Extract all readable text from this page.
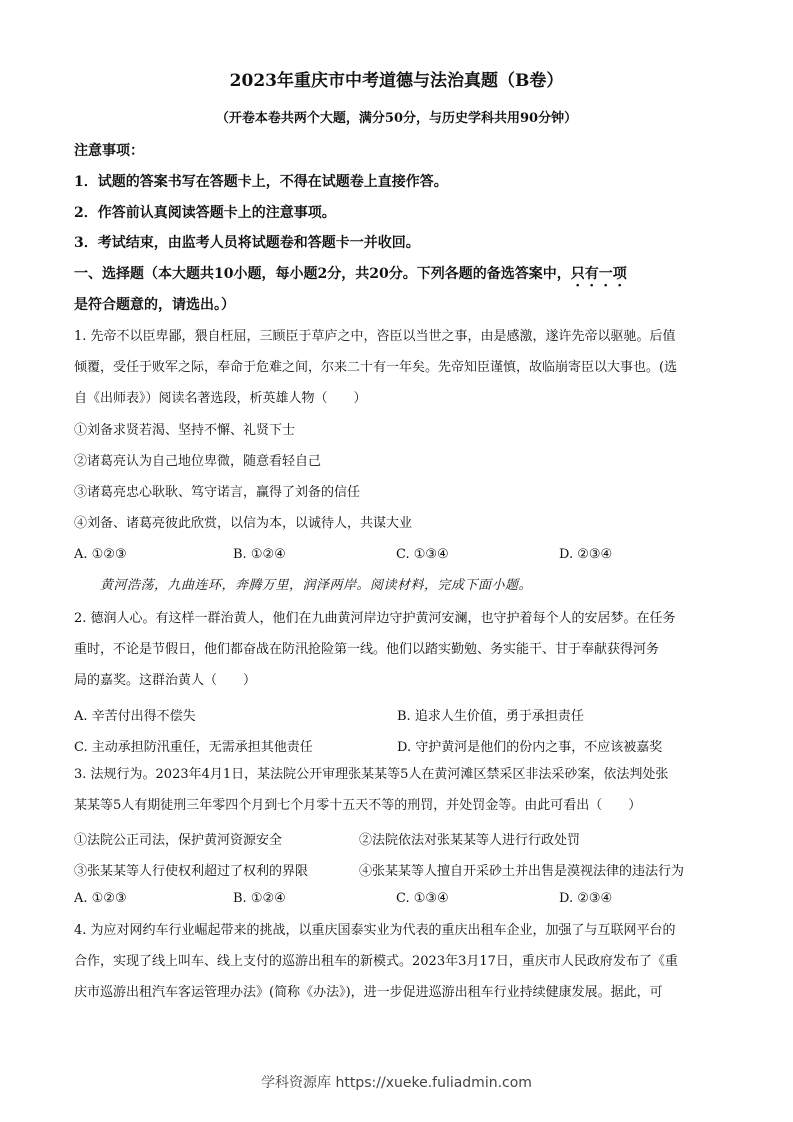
2023年重庆市中考道德与法治真题（B卷）
（开卷本卷共两个大题，满分50分，与历史学科共用90分钟）
注意事项：
1．试题的答案书写在答题卡上，不得在试题卷上直接作答。
2．作答前认真阅读答题卡上的注意事项。
3．考试结束，由监考人员将试题卷和答题卡一并收回。
一、选择题（本大题共10小题，每小题2分，共20分。下列各题的备选答案中，只有一项
是符合题意的，请选出。）
1. 先帝不以臣卑鄙，猥自枉屈，三顾臣于草庐之中，咨臣以当世之事，由是感激，遂许先帝以驱驰。后值
倾覆，受任于败军之际，奉命于危难之间，尔来二十有一年矣。先帝知臣谨慎，故临崩寄臣以大事也。(选
自《出师表》）阅读名著选段，析英雄人物（　　）
①刘备求贤若渴、坚持不懈、礼贤下士
②诸葛亮认为自己地位卑微，随意看轻自己
③诸葛亮忠心耿耿、笃守诺言，赢得了刘备的信任
④刘备、诸葛亮彼此欣赏，以信为本，以诚待人，共谋大业
A. ①②③	B. ①②④	C. ①③④	D. ②③④
黄河浩荡，九曲连环，奔腾万里，润泽两岸。阅读材料，完成下面小题。
2. 德润人心。有这样一群治黄人，他们在九曲黄河岸边守护黄河安澜，也守护着每个人的安居梦。在任务
重时，不论是节假日，他们都奋战在防汛抢险第一线。他们以踏实勤勉、务实能干、甘于奉献获得河务
局的嘉奖。这群治黄人（　　）
A. 辛苦付出得不偿失	B. 追求人生价值，勇于承担责任
C. 主动承担防汛重任，无需承担其他责任	D. 守护黄河是他们的份内之事，不应该被嘉奖
3. 法规行为。2023年4月1日，某法院公开审理张某某等5人在黄河滩区禁采区非法采砂案，依法判处张
某某等5人有期徒刑三年零四个月到七个月零十五天不等的刑罚，并处罚金等。由此可看出（　　）
①法院公正司法，保护黄河资源安全	②法院依法对张某某等人进行行政处罚
③张某某等人行使权利超过了权利的界限	④张某某等人擅自开采砂土并出售是漠视法律的违法行为
A. ①②③	B. ①②④	C. ①③④	D. ②③④
4. 为应对网约车行业崛起带来的挑战，以重庆国泰实业为代表的重庆出租车企业，加强了与互联网平台的
合作，实现了线上叫车、线上支付的巡游出租车的新模式。2023年3月17日，重庆市人民政府发布了《重
庆市巡游出租汽车客运管理办法》(简称《办法》)，进一步促进巡游出租车行业持续健康发展。据此，可
学科资源库 https://xueke.fuliadmin.com
